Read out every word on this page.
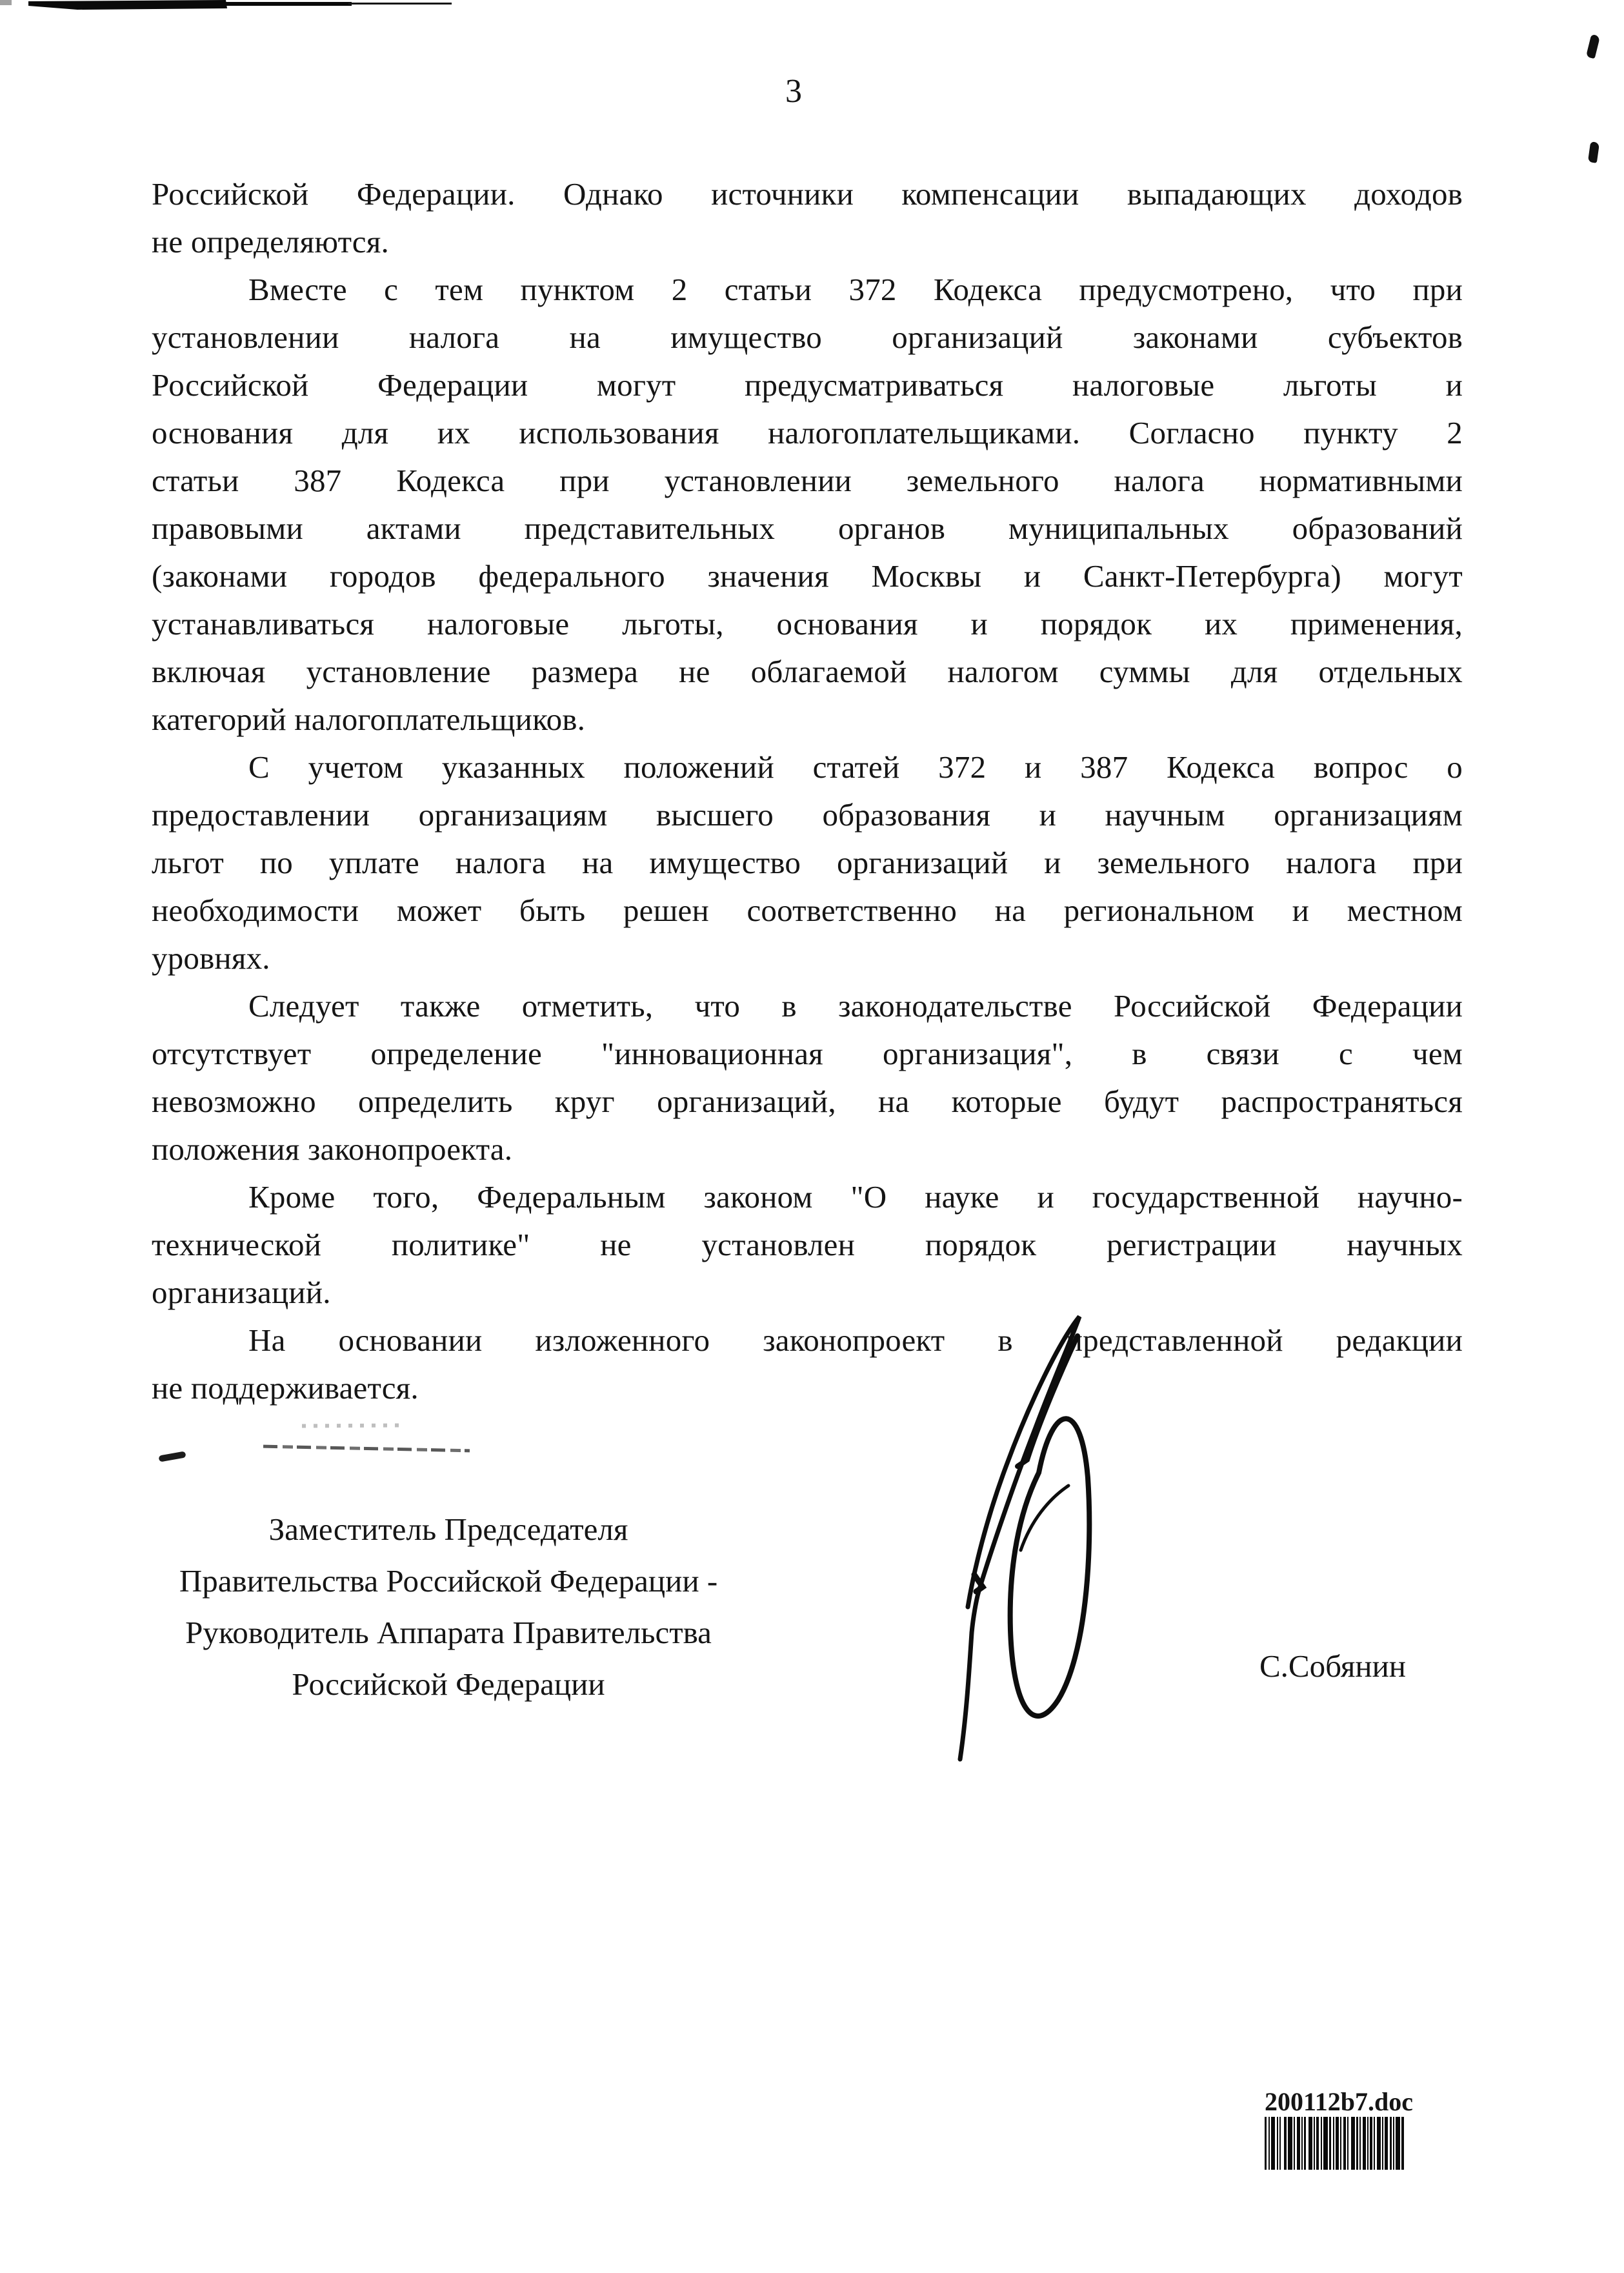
3
Российской Федерации. Однако источники компенсации выпадающих доходов
не определяются.
Вместе с тем пунктом 2 статьи 372 Кодекса предусмотрено, что при
установлении налога на имущество организаций законами субъектов
Российской Федерации могут предусматриваться налоговые льготы и
основания для их использования налогоплательщиками. Согласно пункту 2
статьи 387 Кодекса при установлении земельного налога нормативными
правовыми актами представительных органов муниципальных образований
(законами городов федерального значения Москвы и Санкт-Петербурга) могут
устанавливаться налоговые льготы, основания и порядок их применения,
включая установление размера не облагаемой налогом суммы для отдельных
категорий налогоплательщиков.
С учетом указанных положений статей 372 и 387 Кодекса вопрос о
предоставлении организациям высшего образования и научным организациям
льгот по уплате налога на имущество организаций и земельного налога при
необходимости может быть решен соответственно на региональном и местном
уровнях.
Следует также отметить, что в законодательстве Российской Федерации
отсутствует определение "инновационная организация", в связи с чем
невозможно определить круг организаций, на которые будут распространяться
положения законопроекта.
Кроме того, Федеральным законом "О науке и государственной научно-
технической политике" не установлен порядок регистрации научных
организаций.
На основании изложенного законопроект в представленной редакции
не поддерживается.
Заместитель Председателя
Правительства Российской Федерации -
Руководитель Аппарата Правительства
Российской Федерации
С.Собянин
200112b7.doc
